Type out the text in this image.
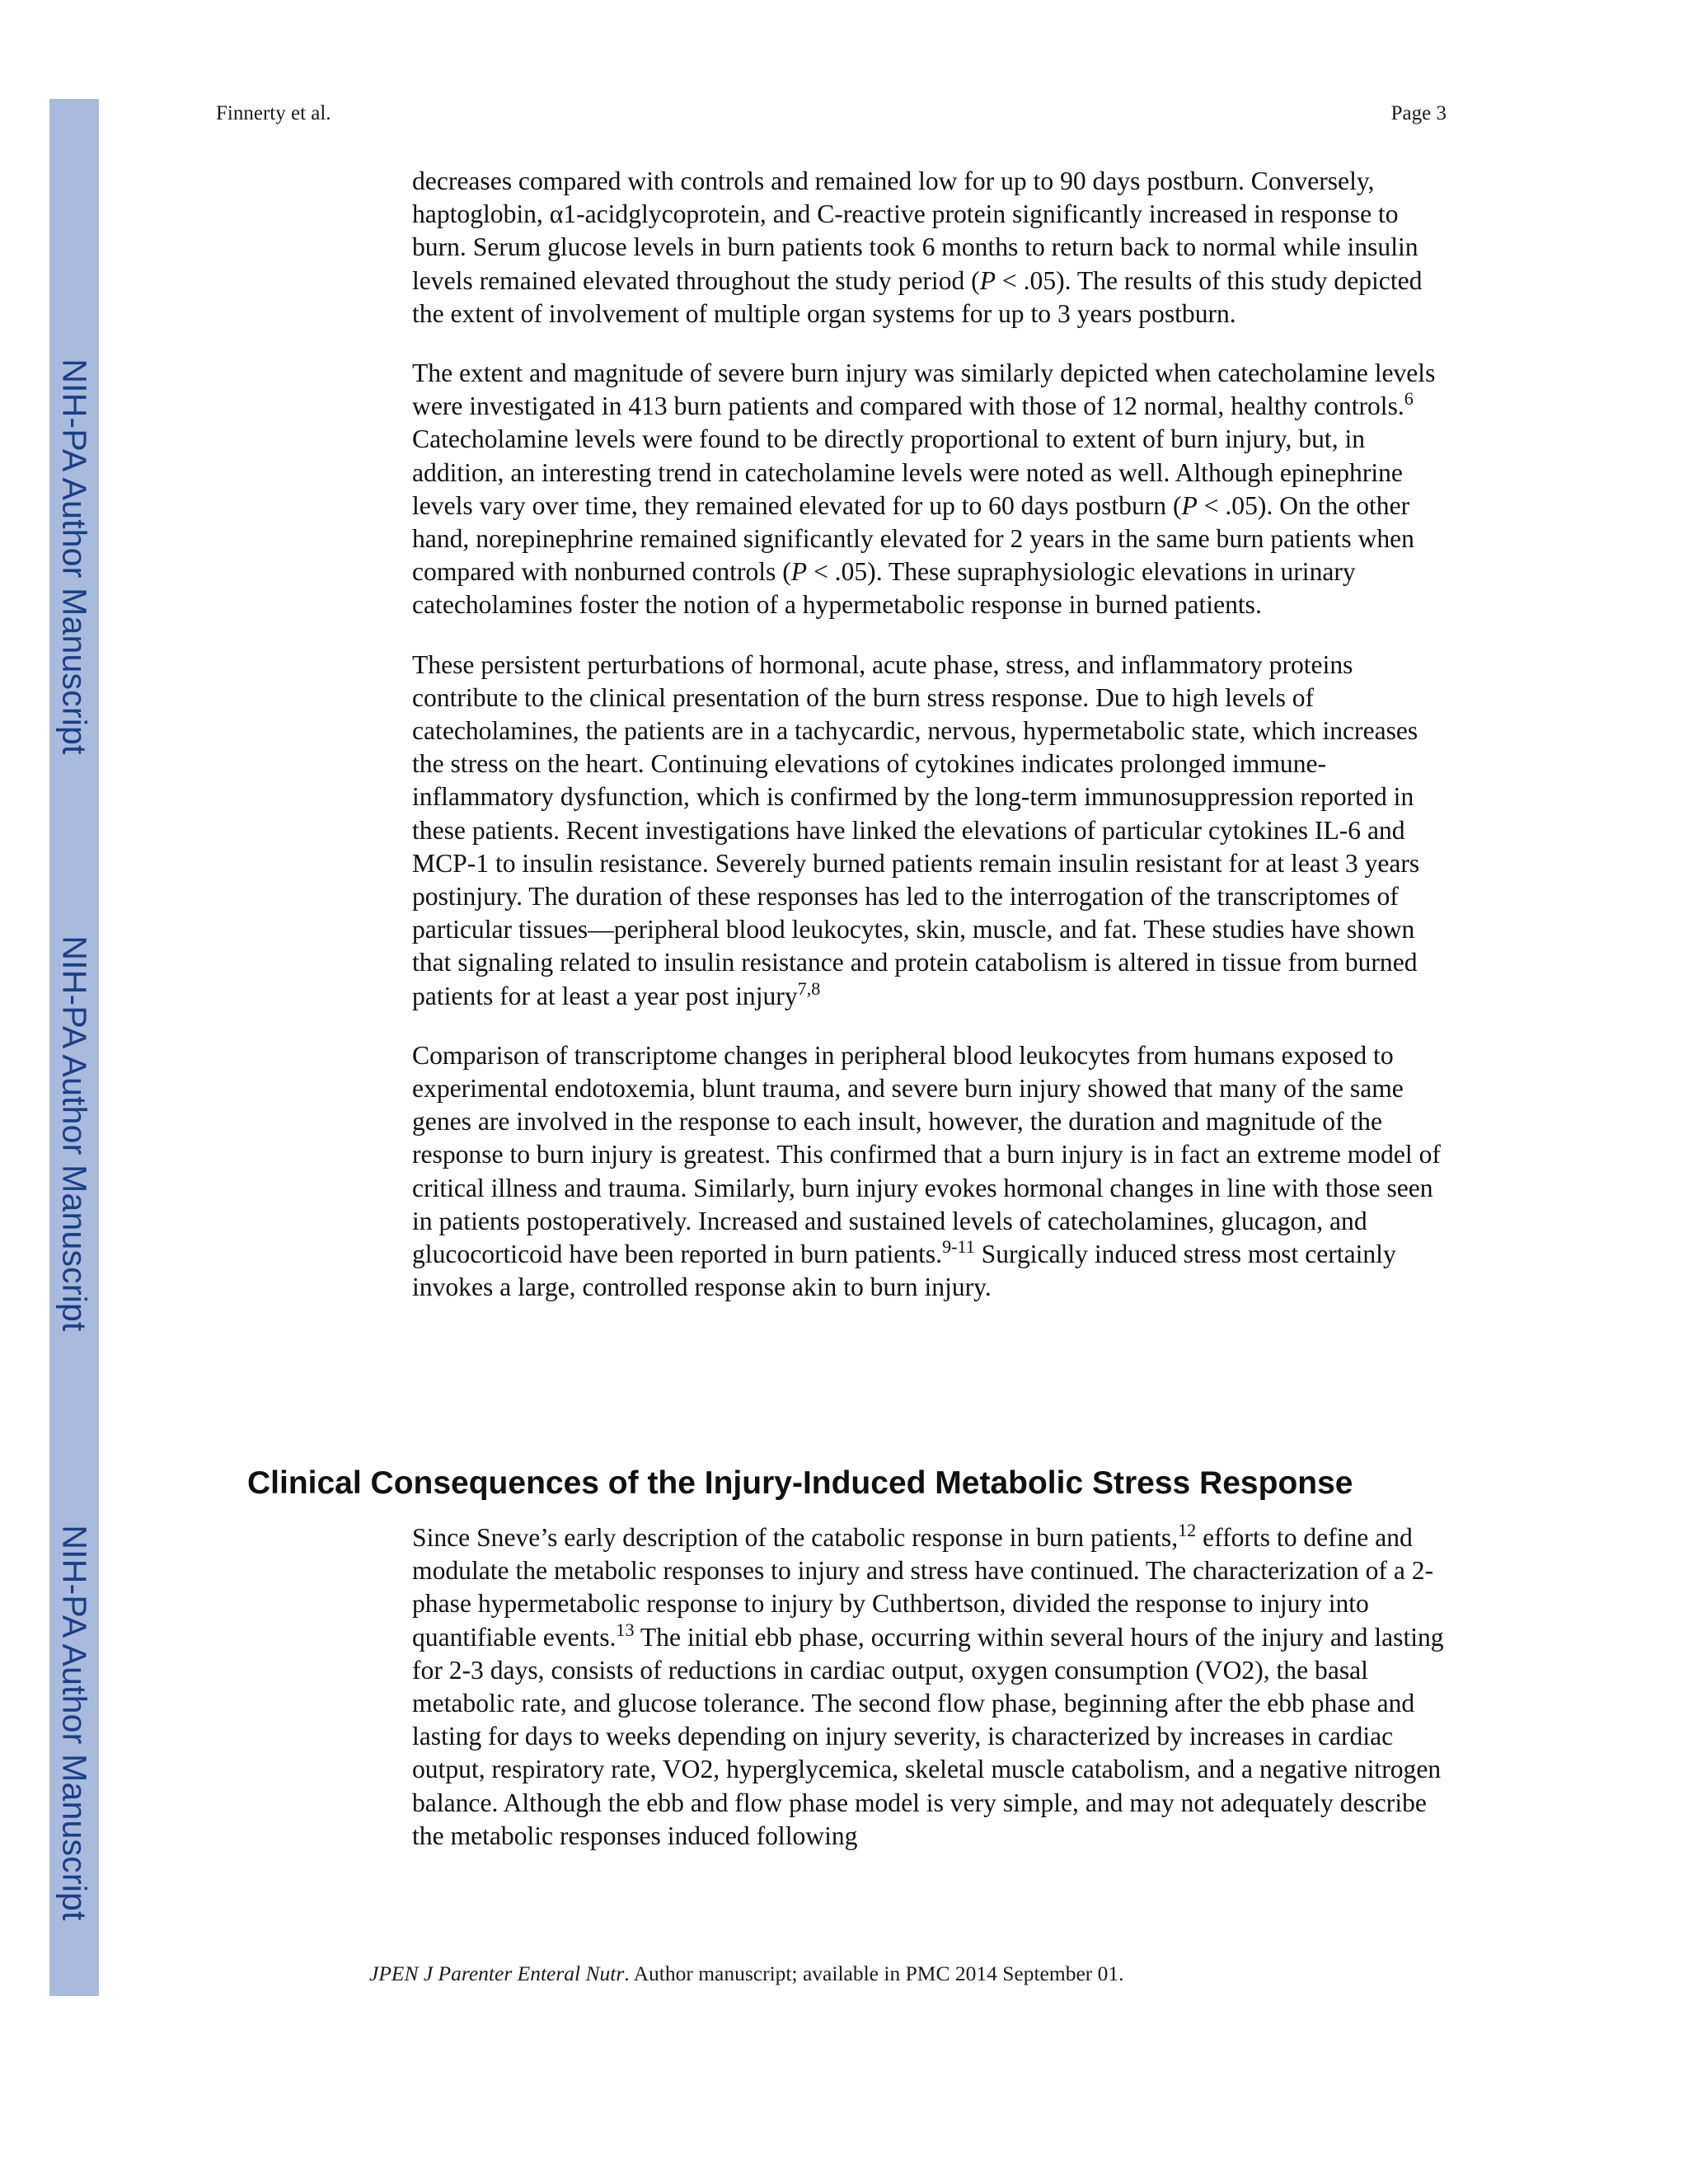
NIH-PA Author Manuscript
NIH-PA Author Manuscript
NIH-PA Author Manuscript
Finnerty et al.	Page 3

decreases compared with controls and remained low for up to 90 days postburn. Conversely, haptoglobin, α1-acidglycoprotein, and C-reactive protein significantly increased in response to burn. Serum glucose levels in burn patients took 6 months to return back to normal while insulin levels remained elevated throughout the study period (P < .05). The results of this study depicted the extent of involvement of multiple organ systems for up to 3 years postburn.

The extent and magnitude of severe burn injury was similarly depicted when catecholamine levels were investigated in 413 burn patients and compared with those of 12 normal, healthy controls.$^6$ Catecholamine levels were found to be directly proportional to extent of burn injury, but, in addition, an interesting trend in catecholamine levels were noted as well. Although epinephrine levels vary over time, they remained elevated for up to 60 days postburn (P < .05). On the other hand, norepinephrine remained significantly elevated for 2 years in the same burn patients when compared with nonburned controls (P < .05). These supraphysiologic elevations in urinary catecholamines foster the notion of a hypermetabolic response in burned patients.

These persistent perturbations of hormonal, acute phase, stress, and inflammatory proteins contribute to the clinical presentation of the burn stress response. Due to high levels of catecholamines, the patients are in a tachycardic, nervous, hypermetabolic state, which increases the stress on the heart. Continuing elevations of cytokines indicates prolonged immune-inflammatory dysfunction, which is confirmed by the long-term immunosuppression reported in these patients. Recent investigations have linked the elevations of particular cytokines IL-6 and MCP-1 to insulin resistance. Severely burned patients remain insulin resistant for at least 3 years postinjury. The duration of these responses has led to the interrogation of the transcriptomes of particular tissues—peripheral blood leukocytes, skin, muscle, and fat. These studies have shown that signaling related to insulin resistance and protein catabolism is altered in tissue from burned patients for at least a year post injury$^{7,8}$

Comparison of transcriptome changes in peripheral blood leukocytes from humans exposed to experimental endotoxemia, blunt trauma, and severe burn injury showed that many of the same genes are involved in the response to each insult, however, the duration and magnitude of the response to burn injury is greatest. This confirmed that a burn injury is in fact an extreme model of critical illness and trauma. Similarly, burn injury evokes hormonal changes in line with those seen in patients postoperatively. Increased and sustained levels of catecholamines, glucagon, and glucocorticoid have been reported in burn patients.$^{9-11}$ Surgically induced stress most certainly invokes a large, controlled response akin to burn injury.

Clinical Consequences of the Injury-Induced Metabolic Stress Response

Since Sneve’s early description of the catabolic response in burn patients,$^{12}$ efforts to define and modulate the metabolic responses to injury and stress have continued. The characterization of a 2-phase hypermetabolic response to injury by Cuthbertson, divided the response to injury into quantifiable events.$^{13}$ The initial ebb phase, occurring within several hours of the injury and lasting for 2-3 days, consists of reductions in cardiac output, oxygen consumption (VO2), the basal metabolic rate, and glucose tolerance. The second flow phase, beginning after the ebb phase and lasting for days to weeks depending on injury severity, is characterized by increases in cardiac output, respiratory rate, VO2, hyperglycemica, skeletal muscle catabolism, and a negative nitrogen balance. Although the ebb and flow phase model is very simple, and may not adequately describe the metabolic responses induced following

JPEN J Parenter Enteral Nutr. Author manuscript; available in PMC 2014 September 01.
